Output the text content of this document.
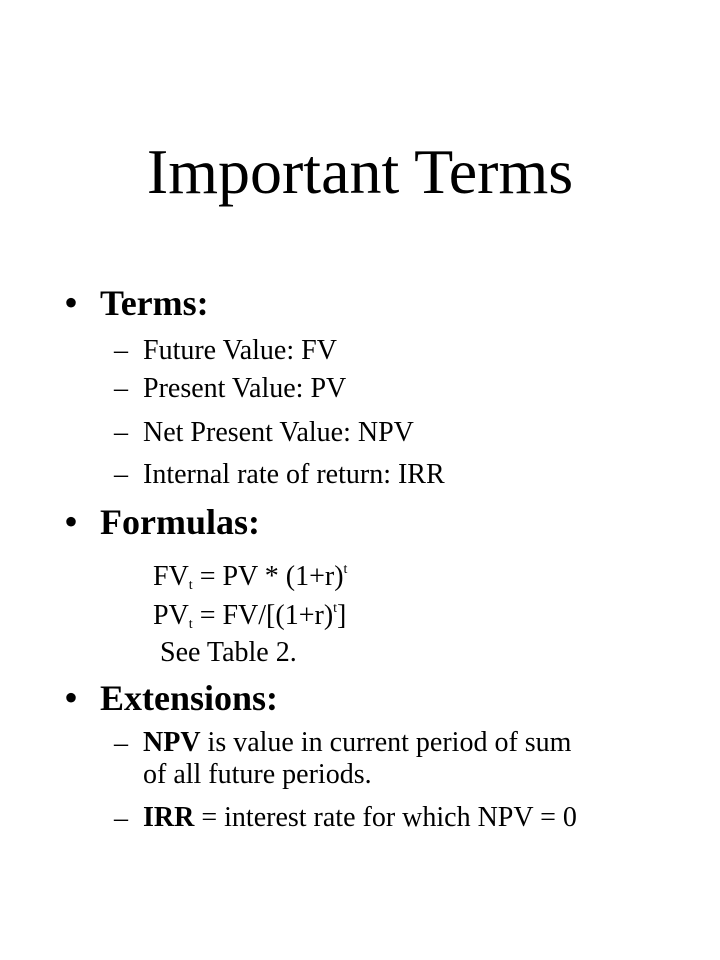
Important Terms
• Terms:
– Future Value: FV
– Present Value: PV
– Net Present Value: NPV
– Internal rate of return: IRR
• Formulas:
$FV_t$ = PV * $(1+r)^t$
$PV_t = FV/[(1+r)^t]$
See Table 2.
• Extensions:
– NPV is value in current period of sum
of all future periods.
– IRR = interest rate for which NPV = 0
